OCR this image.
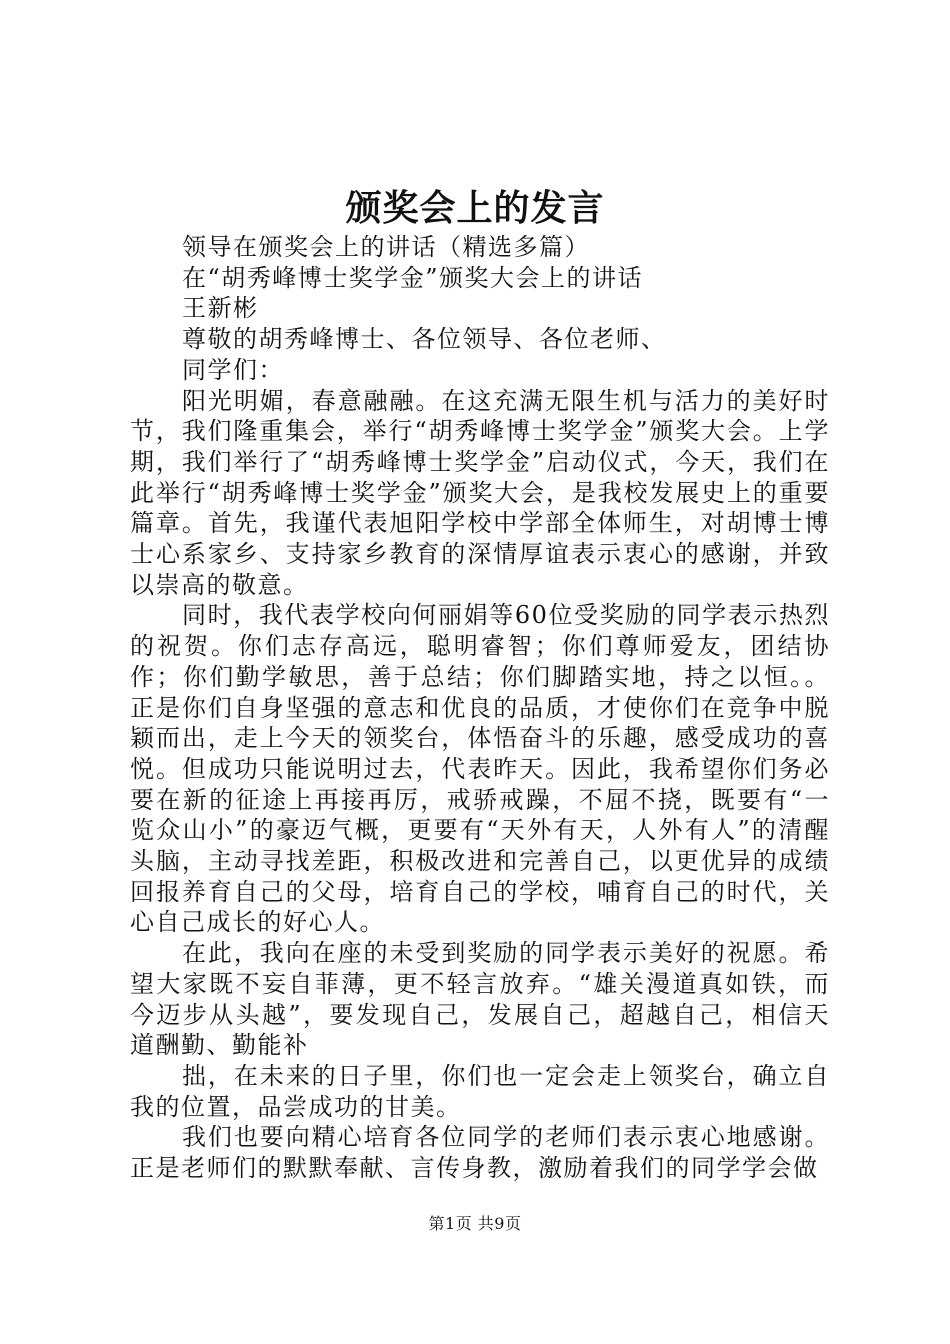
颁奖会上的发言

领导在颁奖会上的讲话（精选多篇）

在“胡秀峰博士奖学金”颁奖大会上的讲话

王新彬

尊敬的胡秀峰博士、各位领导、各位老师、

同学们：

阳光明媚，春意融融。在这充满无限生机与活力的美好时节，我们隆重集会，举行“胡秀峰博士奖学金”颁奖大会。上学期，我们举行了“胡秀峰博士奖学金”启动仪式，今天，我们在此举行“胡秀峰博士奖学金”颁奖大会，是我校发展史上的重要篇章。首先，我谨代表旭阳学校中学部全体师生，对胡博士博士心系家乡、支持家乡教育的深情厚谊表示衷心的感谢，并致以崇高的敬意。

同时，我代表学校向何丽娟等60位受奖励的同学表示热烈的祝贺。你们志存高远，聪明睿智；你们尊师爱友，团结协作；你们勤学敏思，善于总结；你们脚踏实地，持之以恒。。正是你们自身坚强的意志和优良的品质，才使你们在竞争中脱颖而出，走上今天的领奖台，体悟奋斗的乐趣，感受成功的喜悦。但成功只能说明过去，代表昨天。因此，我希望你们务必要在新的征途上再接再厉，戒骄戒躁，不屈不挠，既要有“一览众山小”的豪迈气概，更要有“天外有天，人外有人”的清醒头脑，主动寻找差距，积极改进和完善自己，以更优异的成绩回报养育自己的父母，培育自己的学校，哺育自己的时代，关心自己成长的好心人。

在此，我向在座的未受到奖励的同学表示美好的祝愿。希望大家既不妄自菲薄，更不轻言放弃。“雄关漫道真如铁，而今迈步从头越”，要发现自己，发展自己，超越自己，相信天道酬勤、勤能补

拙，在未来的日子里，你们也一定会走上领奖台，确立自我的位置，品尝成功的甘美。

我们也要向精心培育各位同学的老师们表示衷心地感谢。正是老师们的默默奉献、言传身教，激励着我们的同学学会做

第1页 共9页
